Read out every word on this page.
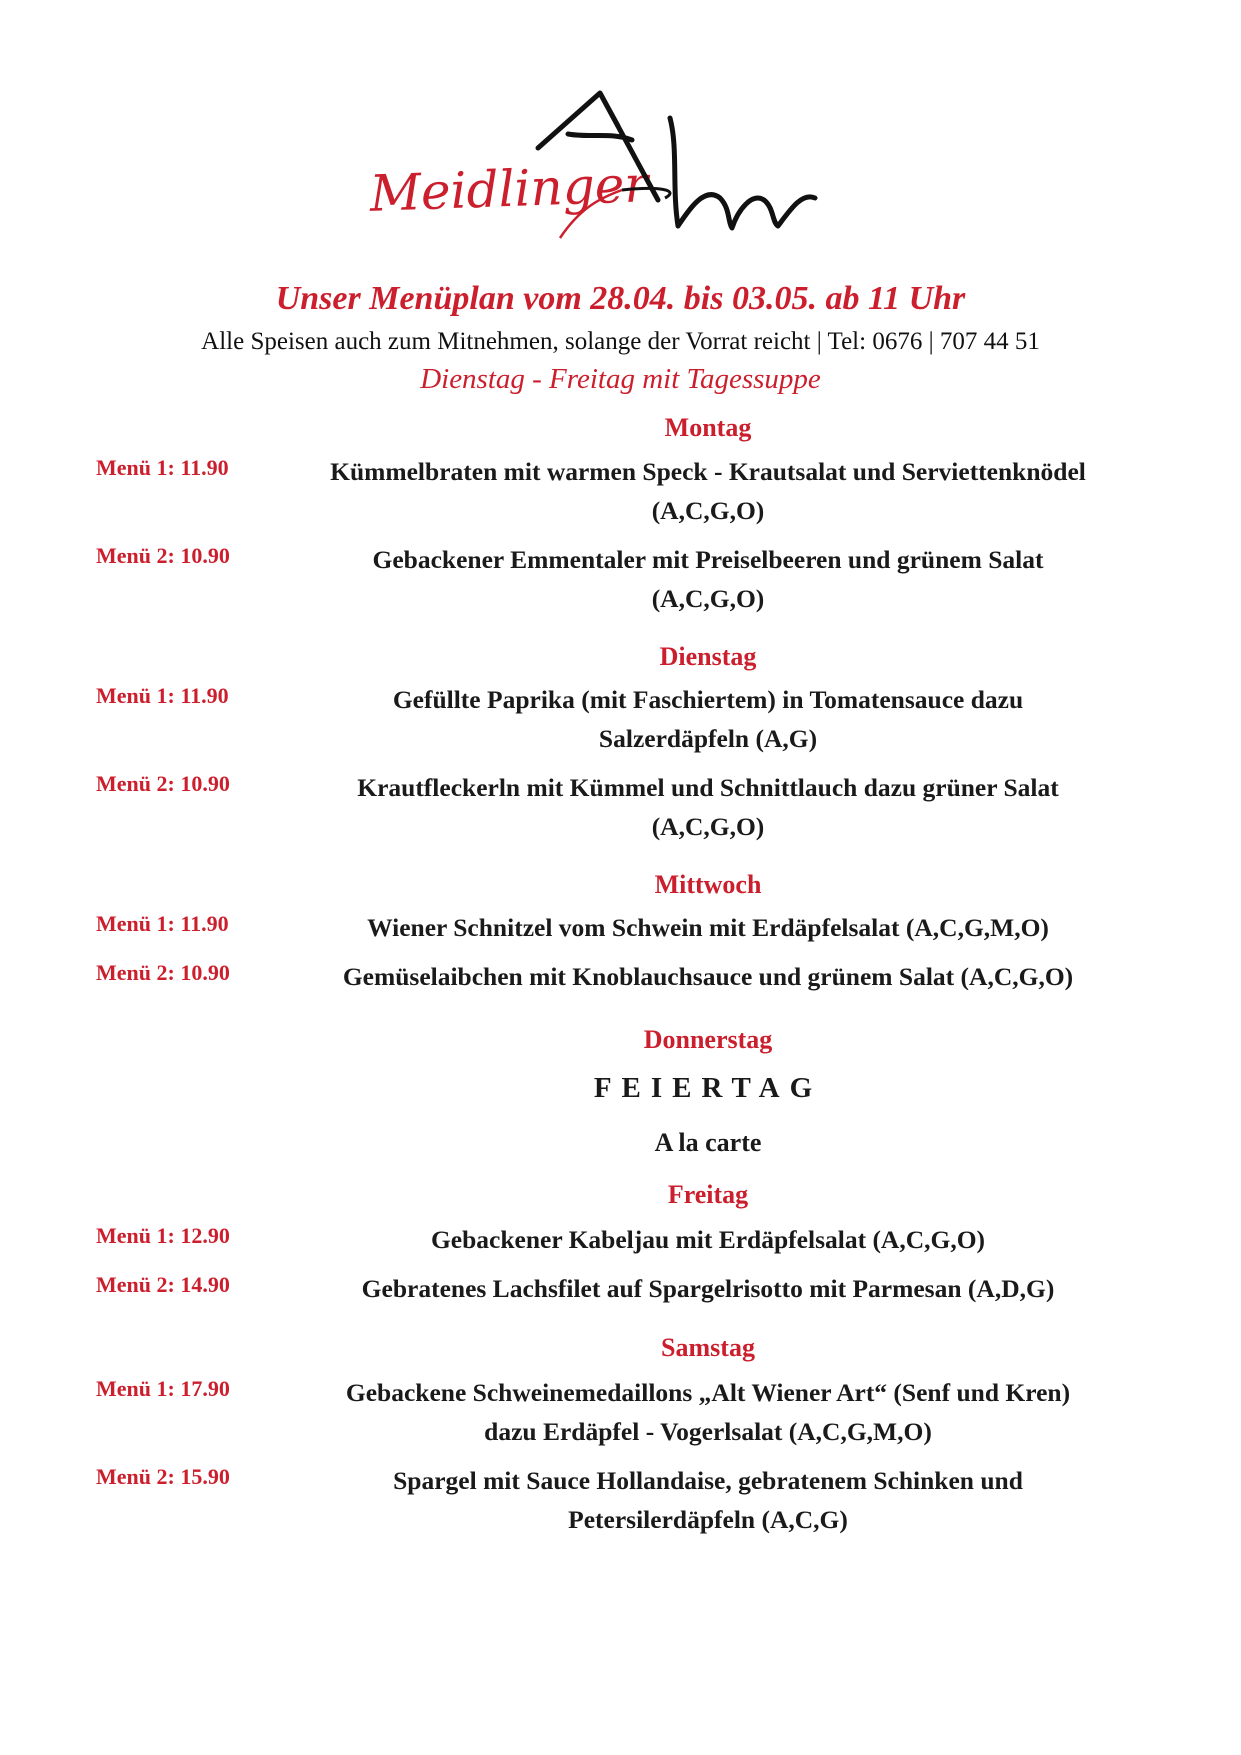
Meidlinger
Alm
Unser Menüplan vom 28.04. bis 03.05. ab 11 Uhr
Alle Speisen auch zum Mitnehmen, solange der Vorrat reicht | Tel: 0676 | 707 44 51
Dienstag - Freitag mit Tagessuppe
Montag
Menü 1: 11.90	Kümmelbraten mit warmen Speck - Krautsalat und Serviettenknödel
(A,C,G,O)
Menü 2: 10.90	Gebackener Emmentaler mit Preiselbeeren und grünem Salat
(A,C,G,O)
Dienstag
Menü 1: 11.90	Gefüllte Paprika (mit Faschiertem) in Tomatensauce dazu
Salzerdäpfeln (A,G)
Menü 2: 10.90	Krautfleckerln mit Kümmel und Schnittlauch dazu grüner Salat
(A,C,G,O)
Mittwoch
Menü 1: 11.90	Wiener Schnitzel vom Schwein mit Erdäpfelsalat (A,C,G,M,O)
Menü 2: 10.90	Gemüselaibchen mit Knoblauchsauce und grünem Salat (A,C,G,O)
Donnerstag
FEIERTAG
A la carte
Freitag
Menü 1: 12.90	Gebackener Kabeljau mit Erdäpfelsalat (A,C,G,O)
Menü 2: 14.90	Gebratenes Lachsfilet auf Spargelrisotto mit Parmesan (A,D,G)
Samstag
Menü 1: 17.90	Gebackene Schweinemedaillons „Alt Wiener Art“ (Senf und Kren)
dazu Erdäpfel - Vogerlsalat (A,C,G,M,O)
Menü 2: 15.90	Spargel mit Sauce Hollandaise, gebratenem Schinken und
Petersilerdäpfeln (A,C,G)
